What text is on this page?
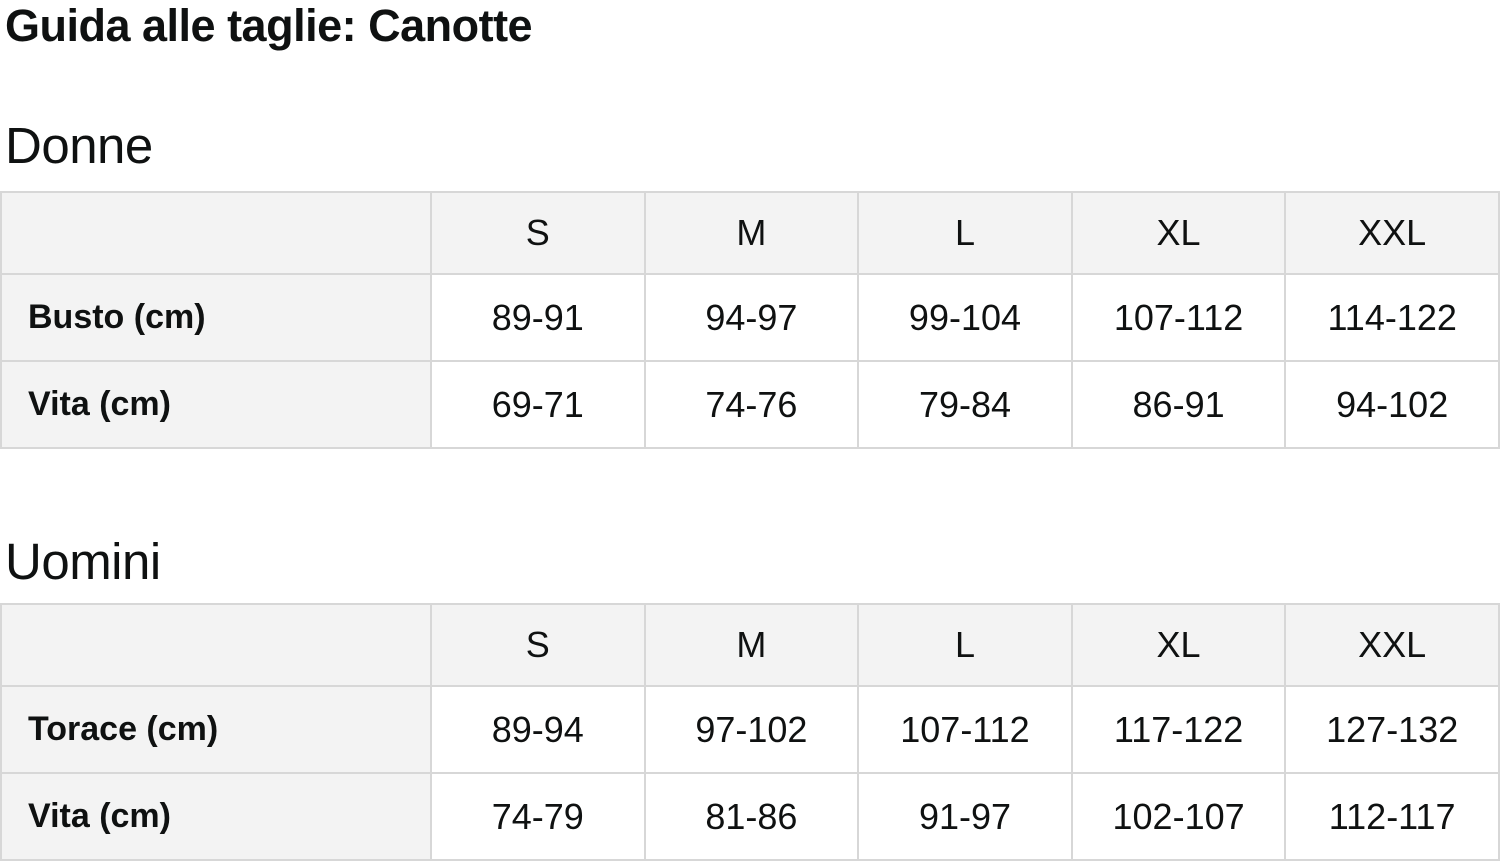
Guida alle taglie: Canotte
Donne
	S	M	L	XL	XXL
Busto (cm)	89-91	94-97	99-104	107-112	114-122
Vita (cm)	69-71	74-76	79-84	86-91	94-102
Uomini
	S	M	L	XL	XXL
Torace (cm)	89-94	97-102	107-112	117-122	127-132
Vita (cm)	74-79	81-86	91-97	102-107	112-117
